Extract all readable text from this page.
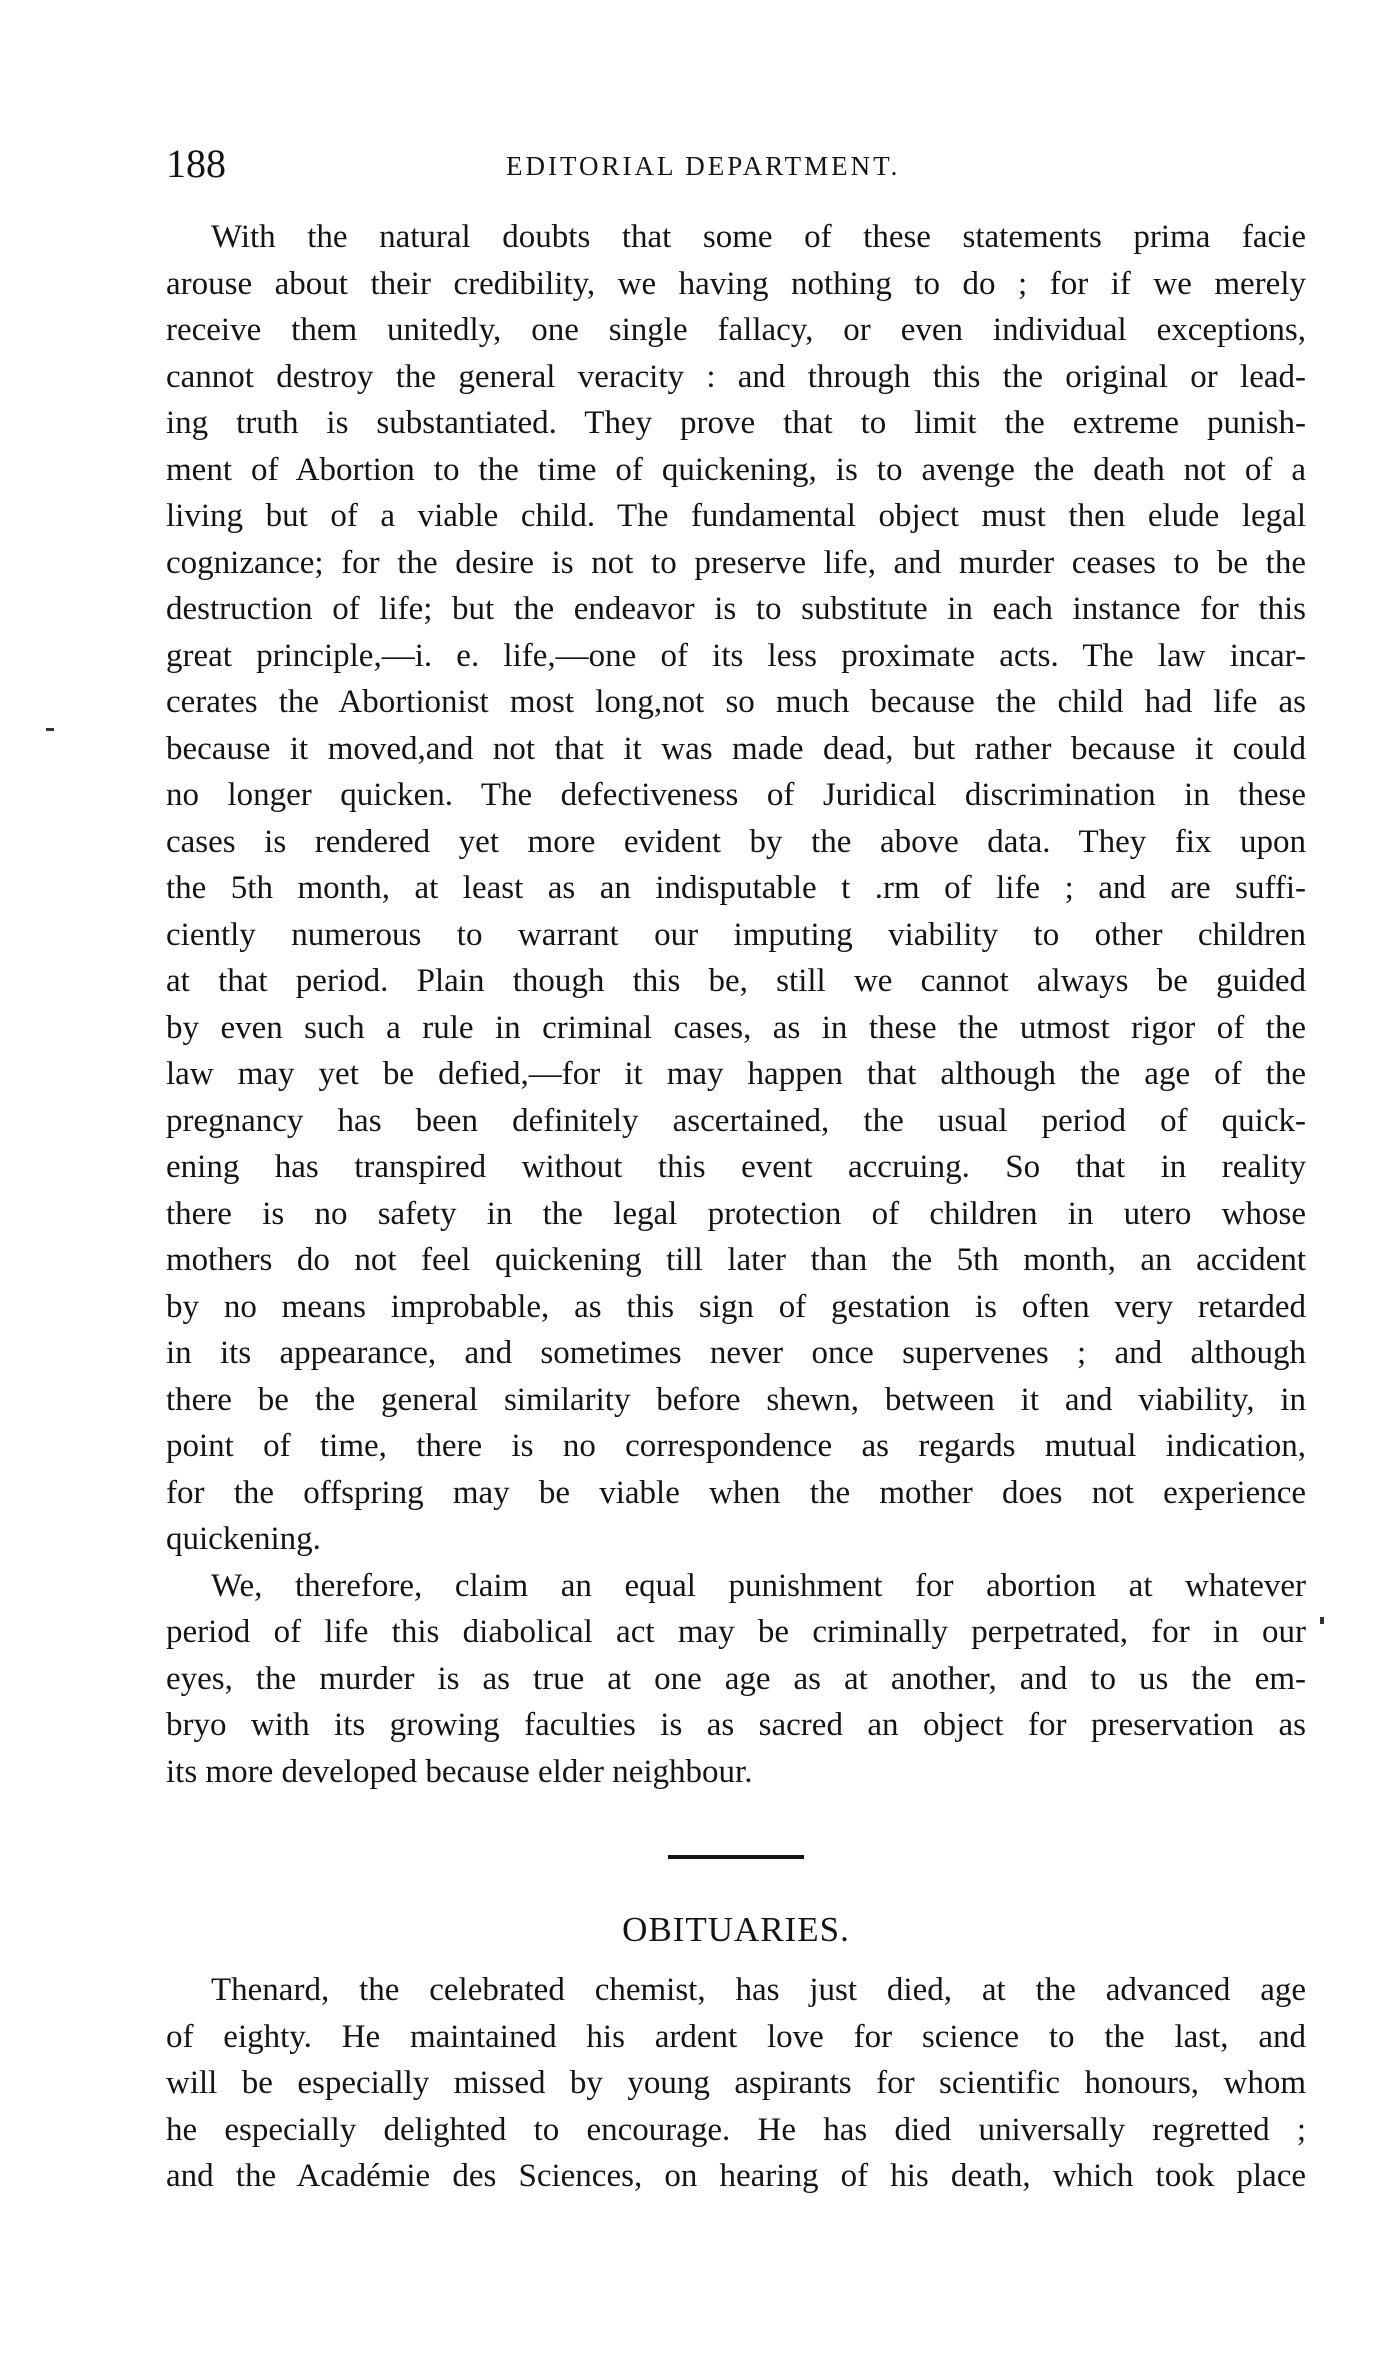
188	EDITORIAL DEPARTMENT.
With the natural doubts that some of these statements prima facie
arouse about their credibility, we having nothing to do ; for if we merely
receive them unitedly, one single fallacy, or even individual exceptions,
cannot destroy the general veracity : and through this the original or lead-
ing truth is substantiated. They prove that to limit the extreme punish-
ment of Abortion to the time of quickening, is to avenge the death not of a
living but of a viable child. The fundamental object must then elude legal
cognizance; for the desire is not to preserve life, and murder ceases to be the
destruction of life; but the endeavor is to substitute in each instance for this
great principle,—i. e. life,—one of its less proximate acts. The law incar-
cerates the Abortionist most long,not so much because the child had life as
because it moved,and not that it was made dead, but rather because it could
no longer quicken. The defectiveness of Juridical discrimination in these
cases is rendered yet more evident by the above data. They fix upon
the 5th month, at least as an indisputable t .rm of life ; and are suffi-
ciently numerous to warrant our imputing viability to other children
at that period. Plain though this be, still we cannot always be guided
by even such a rule in criminal cases, as in these the utmost rigor of the
law may yet be defied,—for it may happen that although the age of the
pregnancy has been definitely ascertained, the usual period of quick-
ening has transpired without this event accruing. So that in reality
there is no safety in the legal protection of children in utero whose
mothers do not feel quickening till later than the 5th month, an accident
by no means improbable, as this sign of gestation is often very retarded
in its appearance, and sometimes never once supervenes ; and although
there be the general similarity before shewn, between it and viability, in
point of time, there is no correspondence as regards mutual indication,
for the offspring may be viable when the mother does not experience
quickening.
We, therefore, claim an equal punishment for abortion at whatever
period of life this diabolical act may be criminally perpetrated, for in our
eyes, the murder is as true at one age as at another, and to us the em-
bryo with its growing faculties is as sacred an object for preservation as
its more developed because elder neighbour.
OBITUARIES.
Thenard, the celebrated chemist, has just died, at the advanced age
of eighty. He maintained his ardent love for science to the last, and
will be especially missed by young aspirants for scientific honours, whom
he especially delighted to encourage. He has died universally regretted ;
and the Académie des Sciences, on hearing of his death, which took place
